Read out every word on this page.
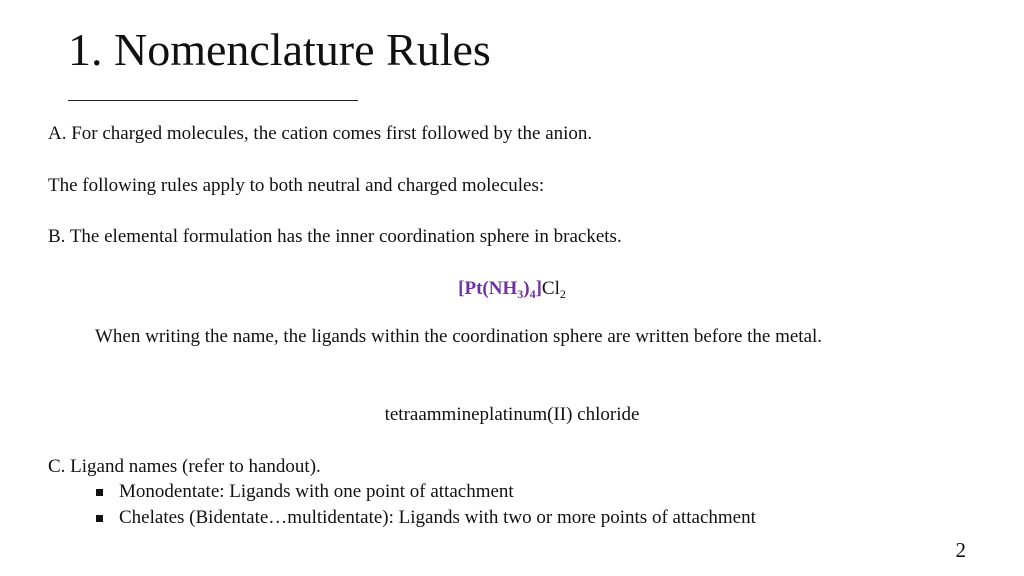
1. Nomenclature Rules

A. For charged molecules, the cation comes first followed by the anion.

The following rules apply to both neutral and charged molecules:

B. The elemental formulation has the inner coordination sphere in brackets.

$[Pt(NH_3)_4]Cl_2$

When writing the name, the ligands within the coordination sphere are written before the metal.

tetraammineplatinum(II) chloride

C. Ligand names (refer to handout).

Monodentate: Ligands with one point of attachment
Chelates (Bidentate…multidentate): Ligands with two or more points of attachment
2
